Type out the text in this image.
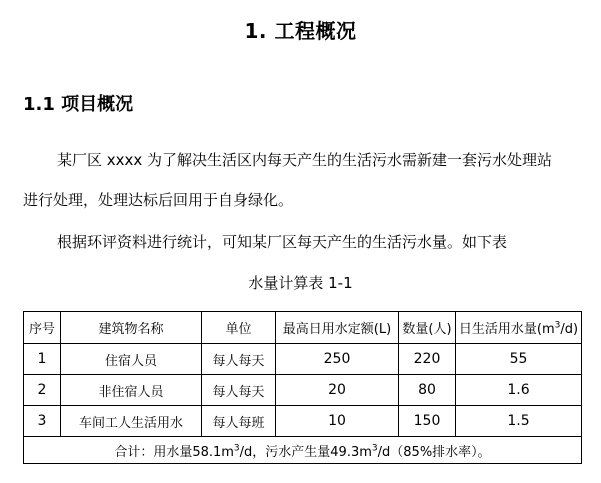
1. 工程概况
1.1 项目概况
某厂区 xxxx 为了解决生活区内每天产生的生活污水需新建一套污水处理站
进行处理，处理达标后回用于自身绿化。
根据环评资料进行统计，可知某厂区每天产生的生活污水量。如下表
水量计算表 1-1
序号	建筑物名称	单位	最高日用水定额(L)	数量(人)	日生活用水量$(m^3/d)$
1	住宿人员	每人每天	250	220	55
2	非住宿人员	每人每天	20	80	1.6
3	车间工人生活用水	每人每班	10	150	1.5
合计：用水量$58.1m^3/d$，污水产生量$49.3m^3/d(85\%$排水率）。					
